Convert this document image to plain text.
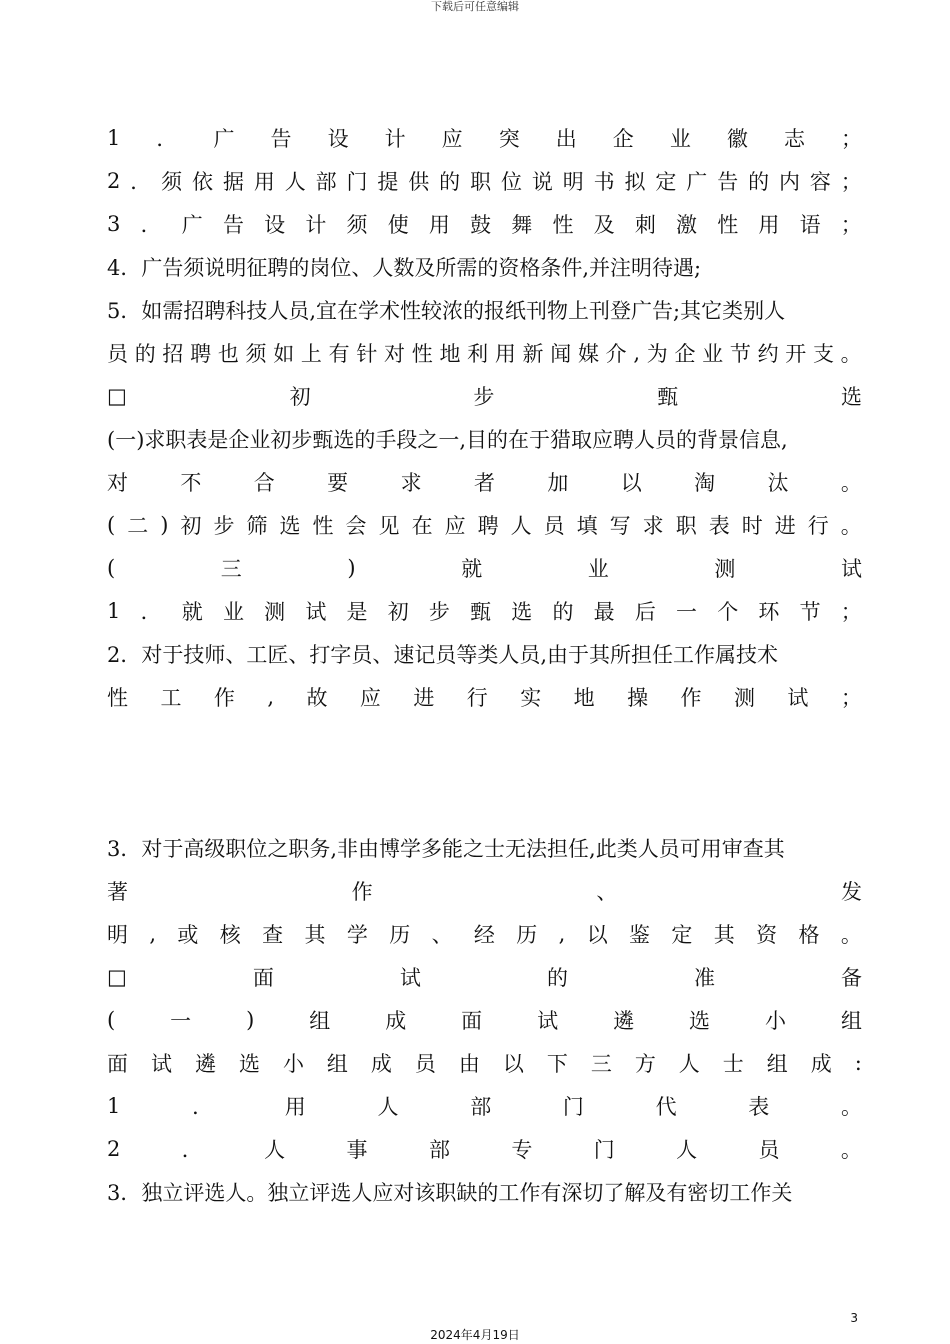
下载后可任意编辑
1 ． 广 告 设 计 应 突 出 企 业 徽 志 ；
2 ． 须 依 据 用 人 部 门 提 供 的 职 位 说 明 书 拟 定 广 告 的 内 容 ；
3 ． 广 告 设 计 须 使 用 鼓 舞 性 及 刺 激 性 用 语 ；
4．广告须说明征聘的岗位、人数及所需的资格条件,并注明待遇;
5．如需招聘科技人员,宜在学术性较浓的报纸刊物上刊登广告;其它类别人
员 的 招 聘 也 须 如 上 有 针 对 性 地 利 用 新 闻 媒 介 , 为 企 业 节 约 开 支 。
□	初	步	甄	选
(一)求职表是企业初步甄选的手段之一,目的在于猎取应聘人员的背景信息,
对 不 合 要 求 者 加 以 淘 汰 。
( 二 ) 初 步 筛 选 性 会 见 在 应 聘 人 员 填 写 求 职 表 时 进 行 。
(	三	)	就	业	测	试
1 ． 就 业 测 试 是 初 步 甄 选 的 最 后 一 个 环 节 ；
2．对于技师、工匠、打字员、速记员等类人员,由于其所担任工作属技术
性 工 作 , 故 应 进 行 实 地 操 作 测 试 ；
3．对于高级职位之职务,非由博学多能之士无法担任,此类人员可用审查其
著	作	、	发
明 , 或 核 查 其 学 历 、 经 历 , 以 鉴 定 其 资 格 。
□	面	试	的	准	备
(	一	)	组	成	面	试	遴	选	小	组
面 试 遴 选 小 组 成 员 由 以 下 三 方 人 士 组 成 :
1	．	用	人	部	门	代	表	。
2	．	人	事	部	专	门	人	员	。
3．独立评选人。独立评选人应对该职缺的工作有深切了解及有密切工作关
3
2024年4月19日
